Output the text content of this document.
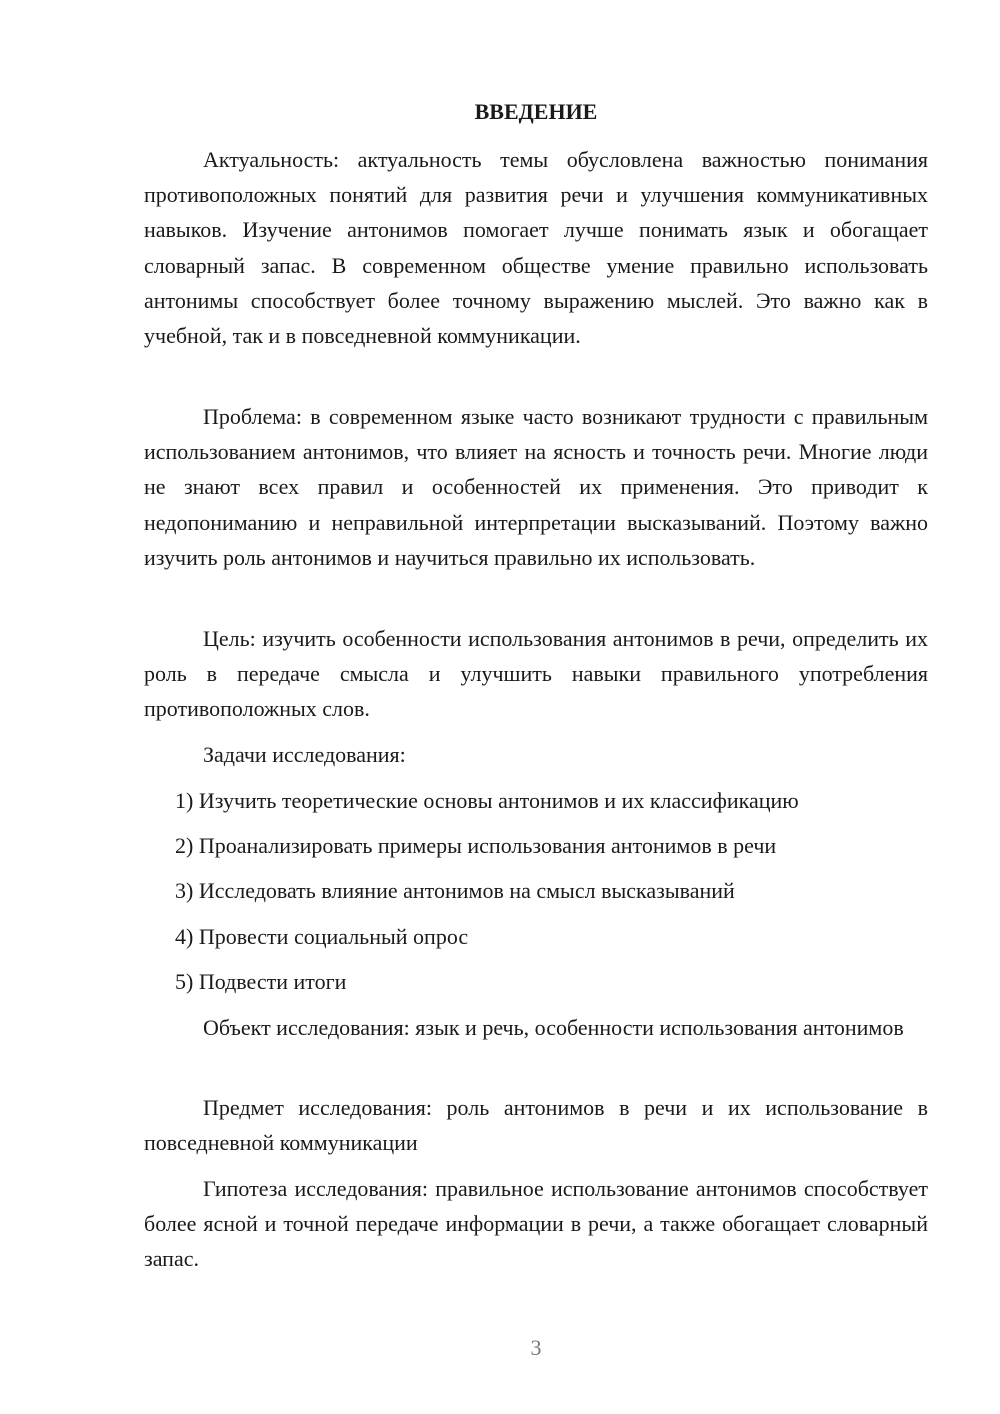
ВВЕДЕНИЕ

Актуальность: актуальность темы обусловлена важностью понимания противоположных понятий для развития речи и улучшения коммуникативных навыков. Изучение антонимов помогает лучше понимать язык и обогащает словарный запас. В современном обществе умение правильно использовать антонимы способствует более точному выражению мыслей. Это важно как в учебной, так и в повседневной коммуникации.

Проблема: в современном языке часто возникают трудности с правильным использованием антонимов, что влияет на ясность и точность речи. Многие люди не знают всех правил и особенностей их применения. Это приводит к недопониманию и неправильной интерпретации высказываний. Поэтому важно изучить роль антонимов и научиться правильно их использовать.

Цель: изучить особенности использования антонимов в речи, определить их роль в передаче смысла и улучшить навыки правильного употребления противоположных слов.

Задачи исследования:

1) Изучить теоретические основы антонимов и их классификацию
2) Проанализировать примеры использования антонимов в речи
3) Исследовать влияние антонимов на смысл высказываний
4) Провести социальный опрос
5) Подвести итоги

Объект исследования: язык и речь, особенности использования антонимов

Предмет исследования: роль антонимов в речи и их использование в повседневной коммуникации

Гипотеза исследования: правильное использование антонимов способствует более ясной и точной передаче информации в речи, а также обогащает словарный запас.

3
